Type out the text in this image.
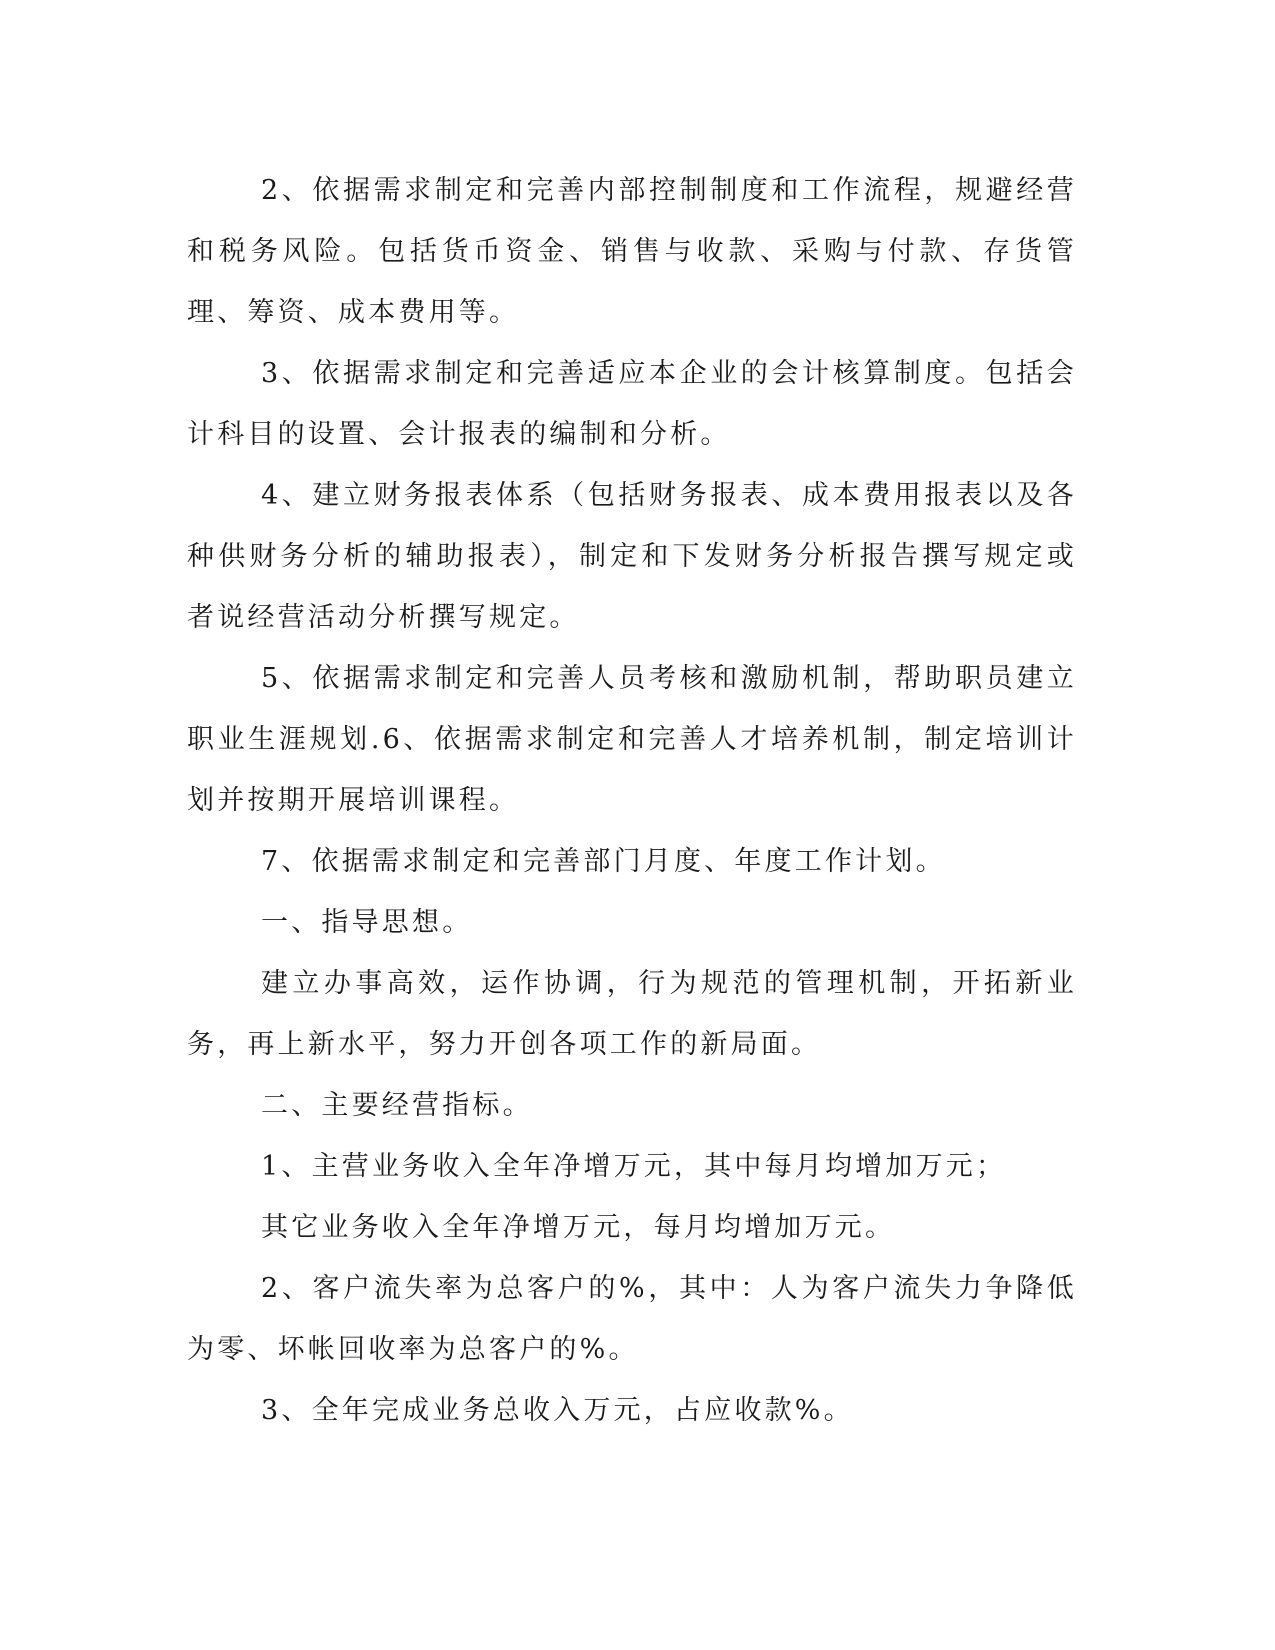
2、依据需求制定和完善内部控制制度和工作流程，规避经营和税务风险。包括货币资金、销售与收款、采购与付款、存货管理、筹资、成本费用等。

3、依据需求制定和完善适应本企业的会计核算制度。包括会计科目的设置、会计报表的编制和分析。

4、建立财务报表体系（包括财务报表、成本费用报表以及各种供财务分析的辅助报表），制定和下发财务分析报告撰写规定或者说经营活动分析撰写规定。

5、依据需求制定和完善人员考核和激励机制，帮助职员建立职业生涯规划.6、依据需求制定和完善人才培养机制，制定培训计划并按期开展培训课程。

7、依据需求制定和完善部门月度、年度工作计划。

一、指导思想。

建立办事高效，运作协调，行为规范的管理机制，开拓新业务，再上新水平，努力开创各项工作的新局面。

二、主要经营指标。

1、主营业务收入全年净增万元，其中每月均增加万元；

其它业务收入全年净增万元，每月均增加万元。

2、客户流失率为总客户的%，其中：人为客户流失力争降低为零、坏帐回收率为总客户的%。

3、全年完成业务总收入万元，占应收款%。
